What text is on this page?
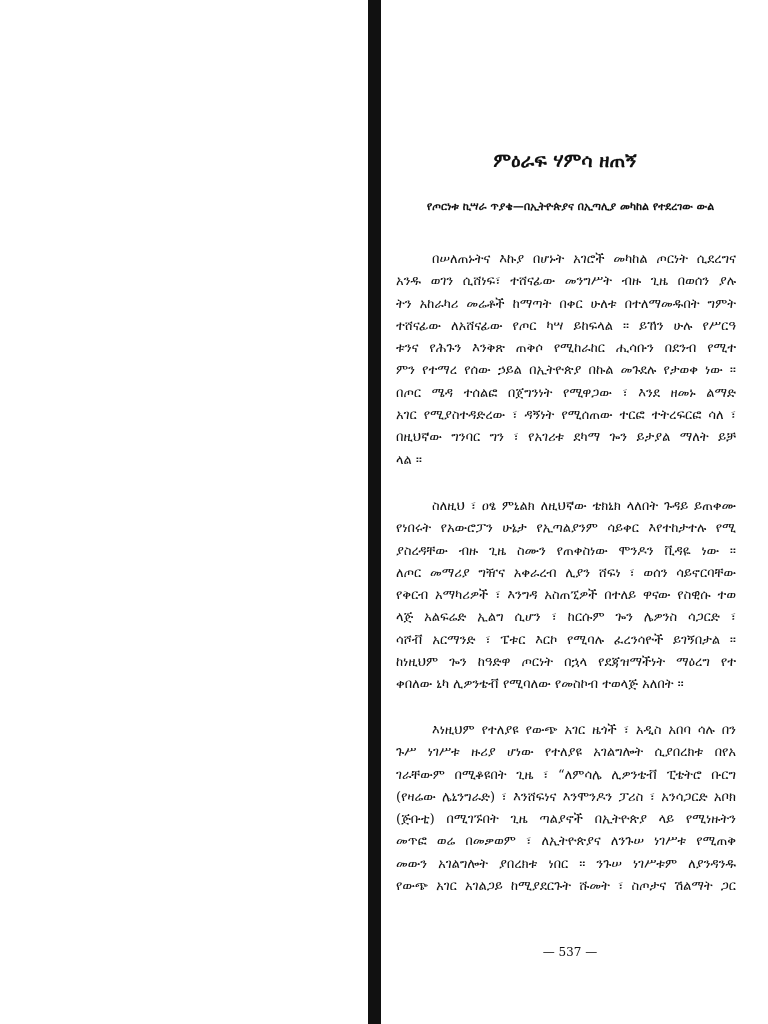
ምዕራፍ ሃምሳ ዘጠኝ
የጦርነቱ ኪሣራ ጥያቄ—በኢትዮጵያና በኢጣሊያ መካከል የተደረገው ውል
በሠለጠኑትና እኩያ በሆኑት አገሮች መካከል ጦርነት ሲደረግና
አንዱ ወገን ሲሸነፍ፣ ተሸናፊው መንግሥት ብዙ ጊዜ በወሰን ያሉ
ትን አከራካሪ መሬቶች ከማጣት በቀር ሁለቱ በተለማመዱበት ግምት
ተሸናፊው ለአሸናፊው የጦር ካሣ ይከፍላል ። ይኸን ሁሉ የሥርዓ
ቱንና የሕጉን እንቅጽ ጠቅሶ የሚከራከር ሒሳቡን በደንብ የሚተ
ምን የተማረ የሰው ኃይል በኢትዮጵያ በኩል መጉደሉ የታወቀ ነው ።
በጦር ሜዳ ተሰልፎ በጀግንነት የሚዋጋው ፣ እንደ ዘመኑ ልማድ
አገር የሚያስተዳድረው ፣ ዳኝነት የሚሰጠው ተርፎ ተትረፍርፎ ሳለ ፣
በዚህኛው ግንባር ግን ፣ የአገሪቱ ደካማ ጐን ይታያል ማለት ይቻ
ላል ።
ስለዚህ ፣ ዐፄ ምኒልክ ለዚህኛው ቴክኒክ ላለበት ጉዳይ ይጠቀሙ
የነበሩት የአውሮፓን ሁኔታ የኢጣልያንም ሳይቀር እየተከታተሉ የሚ
ያስረዳቸው ብዙ ጊዜ ስሙን የጠቀስነው ሞንዶን ቪዳዬ ነው ።
ለጦር መማሪያ ግዥና አቀራረብ ሊያን ሸፍነ ፣ ወሰን ሳይኖርባቸው
የቅርብ አማካሪዎች ፣ እንግዳ አስጠኚዎች በተለይ ዋናው የስዊሱ ተወ
ላጅ አልፍሬድ ኢልግ ሲሆን ፣ ከርሱም ጐን ሌዎንስ ሳጋርድ ፣
ሳሾቭ አርማንድ ፣ ፔቱር እርኮ የሚባሉ ፈረንሳዮች ይገኝበታል ።
ከነዚህም ጐን ከዓድዋ ጦርነት በኋላ የደጃዝማችነት ማዕረግ የተ
ቀበለው ኒካ ሊዎንቴቭ የሚባለው የመስኮብ ተወላጅ አለበት ።
እነዚህም የተለያዩ የውጭ አገር ዜጎች ፣ አዲስ አበባ ሳሉ በን
ጉሥ ነገሥቱ ዙሪያ ሆነው የተለያዩ አገልግሎት ሲያበረክቱ በየአ
ገራቸውም በሚቆዩበት ጊዜ ፣ “ለምሳሌ ሊዎንቴቭ ፒቴትሮ ቡርግ
(የዛሬው ሌኒንግራድ) ፣ እንሸፍነና እንሞንዶን ፓሪስ ፣ አንሳጋርድ አቦክ
(ጅቡቲ) በሚገኙበት ጊዜ ጣልያኖች በኢትዮጵያ ላይ የሚነዙትን
መጥፎ ወሬ በመቃወም ፣ ለኢትዮጵያና ለንጉሠ ነገሥቱ የሚጠቅ
መውን አገልግሎት ያበረክቱ ነበር ። ንጉሠ ነገሥቱም ለያንዳንዱ
የውጭ አገር አገልጋይ ከሚያደርጉት ሹመት ፣ ስጦታና ሽልማት ጋር
— 537 —
